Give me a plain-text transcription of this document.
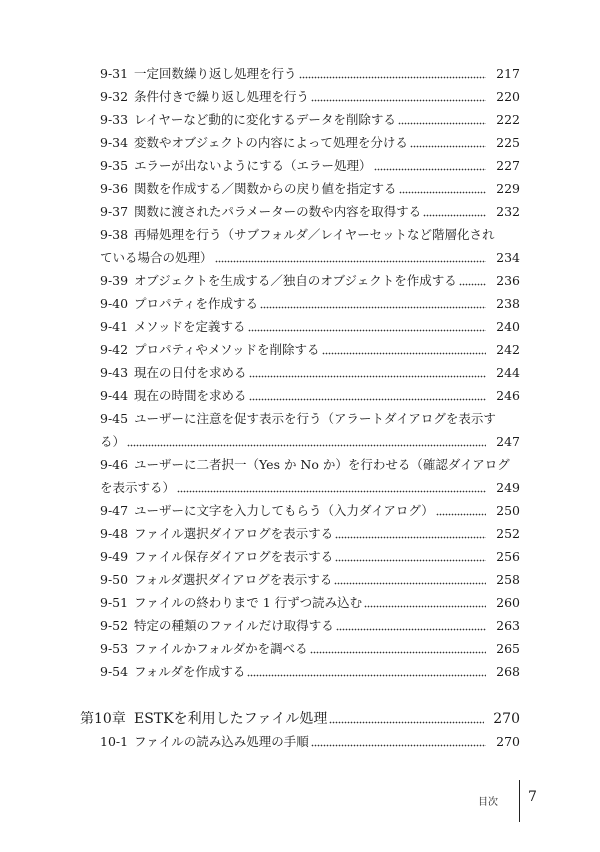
9-31 一定回数繰り返し処理を行う	217
9-32 条件付きで繰り返し処理を行う	220
9-33 レイヤーなど動的に変化するデータを削除する	222
9-34 変数やオブジェクトの内容によって処理を分ける	225
9-35 エラーが出ないようにする（エラー処理）	227
9-36 関数を作成する／関数からの戻り値を指定する	229
9-37 関数に渡されたパラメーターの数や内容を取得する	232
9-38 再帰処理を行う（サブフォルダ／レイヤーセットなど階層化され
ている場合の処理）	234
9-39 オブジェクトを生成する／独自のオブジェクトを作成する	236
9-40 プロパティを作成する	238
9-41 メソッドを定義する	240
9-42 プロパティやメソッドを削除する	242
9-43 現在の日付を求める	244
9-44 現在の時間を求める	246
9-45 ユーザーに注意を促す表示を行う（アラートダイアログを表示す
る）	247
9-46 ユーザーに二者択一（Yes か No か）を行わせる（確認ダイアログ
を表示する）	249
9-47 ユーザーに文字を入力してもらう（入力ダイアログ）	250
9-48 ファイル選択ダイアログを表示する	252
9-49 ファイル保存ダイアログを表示する	256
9-50 フォルダ選択ダイアログを表示する	258
9-51 ファイルの終わりまで 1 行ずつ読み込む	260
9-52 特定の種類のファイルだけ取得する	263
9-53 ファイルかフォルダかを調べる	265
9-54 フォルダを作成する	268
第10章 ESTKを利用したファイル処理	270
10-1 ファイルの読み込み処理の手順	270
目次 7
